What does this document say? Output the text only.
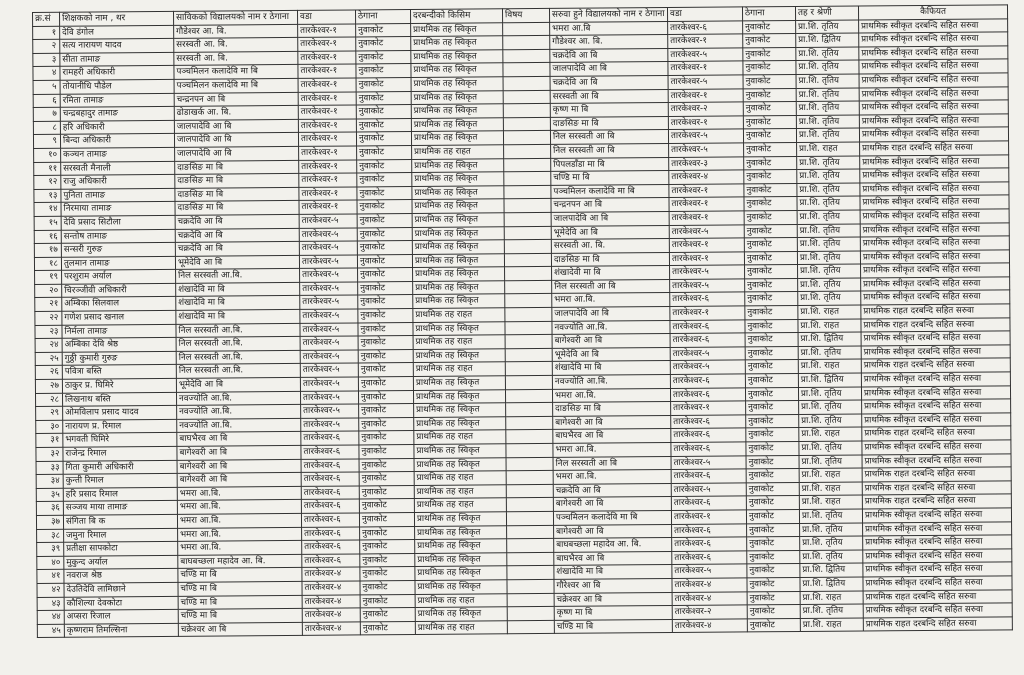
क्र.सं	शिक्षकको नाम , थर	साविकको विद्यालयको नाम र ठेगाना	वडा	ठेगाना	दरबन्दीको किसिम	विषय	सरुवा हुने विद्यालयको नाम र ठेगाना	वडा	ठेगाना	तह र श्रेणी	कैफियत
१	देवि डंगोल	गौडेश्वर आ. बि.	तारकेश्वर-१	नुवाकोट	प्राथमिक तह स्विकृत		भमरा आ.बि	तारकेश्वर-६	नुवाकोट	प्रा.शि. तृतिय	प्राथमिक स्वीकृत दरबन्दि सहित सरुवा
२	सत्य नारायण यादव	सरस्वती आ. बि.	तारकेश्वर-१	नुवाकोट	प्राथमिक तह स्विकृत		गौडेश्वर आ. बि.	तारकेश्वर-१	नुवाकोट	प्रा.शि. द्वितिय	प्राथमिक स्वीकृत दरबन्दि सहित सरुवा
३	सीता तामाङ	सरस्वती आ. बि.	तारकेश्वर-१	नुवाकोट	प्राथमिक तह स्विकृत		चक्रदेवि आ बि	तारकेश्वर-५	नुवाकोट	प्रा.शि. तृतिय	प्राथमिक स्वीकृत दरबन्दि सहित सरुवा
४	रामहरी अधिकारी	पञ्चमिलन कलादेवि मा बि	तारकेश्वर-१	नुवाकोट	प्राथमिक तह स्विकृत		जालपादेवि आ बि	तारकेश्वर-१	नुवाकोट	प्रा.शि. तृतिय	प्राथमिक स्वीकृत दरबन्दि सहित सरुवा
५	तोयानीधि पौडेल	पञ्चमिलन कलादेवि मा बि	तारकेश्वर-१	नुवाकोट	प्राथमिक तह स्विकृत		चक्रदेवि आ बि	तारकेश्वर-५	नुवाकोट	प्रा.शि. तृतिय	प्राथमिक स्वीकृत दरबन्दि सहित सरुवा
६	रमिता तामाङ	चन्द्रनपन आ बि	तारकेश्वर-१	नुवाकोट	प्राथमिक तह स्विकृत		सरस्वती आ बि	तारकेश्वर-१	नुवाकोट	प्रा.शि. तृतिय	प्राथमिक स्वीकृत दरबन्दि सहित सरुवा
७	चन्द्रबहादुर तामाङ	ढोडाखर्क आ. बि.	तारकेश्वर-१	नुवाकोट	प्राथमिक तह स्विकृत		कृष्ण मा बि	तारकेश्वर-२	नुवाकोट	प्रा.शि. तृतिय	प्राथमिक स्वीकृत दरबन्दि सहित सरुवा
८	हरि अधिकारी	जालपादेवि आ बि	तारकेश्वर-१	नुवाकोट	प्राथमिक तह स्विकृत		दाङसिङ मा बि	तारकेश्वर-१	नुवाकोट	प्रा.शि. तृतिय	प्राथमिक स्वीकृत दरबन्दि सहित सरुवा
९	बिन्दा अधिकारी	जालपादेवि आ बि	तारकेश्वर-१	नुवाकोट	प्राथमिक तह स्विकृत		निल सरस्वती आ बि	तारकेश्वर-५	नुवाकोट	प्रा.शि. तृतिय	प्राथमिक स्वीकृत दरबन्दि सहित सरुवा
१०	कञ्चन तामाङ	जालपादेवि आ बि	तारकेश्वर-१	नुवाकोट	प्राथमिक तह राहत		निल सरस्वती आ बि	तारकेश्वर-५	नुवाकोट	प्रा.शि. राहत	प्राथमिक राहत दरबन्दि सहित सरुवा
११	सरस्वती मैनाली	दाङसिङ मा बि	तारकेश्वर-१	नुवाकोट	प्राथमिक तह स्विकृत		पिपलडाँडा मा बि	तारकेश्वर-३	नुवाकोट	प्रा.शि. तृतिय	प्राथमिक स्वीकृत दरबन्दि सहित सरुवा
१२	राजु अधिकारी	दाङसिङ मा बि	तारकेश्वर-१	नुवाकोट	प्राथमिक तह स्विकृत		चण्डि मा बि	तारकेश्वर-४	नुवाकोट	प्रा.शि. तृतिय	प्राथमिक स्वीकृत दरबन्दि सहित सरुवा
१३	पुनिता तामाङ	दाङसिङ मा बि	तारकेश्वर-१	नुवाकोट	प्राथमिक तह स्विकृत		पञ्चमिलन कलादेवि मा बि	तारकेश्वर-१	नुवाकोट	प्रा.शि. तृतिय	प्राथमिक स्वीकृत दरबन्दि सहित सरुवा
१४	निरमाया तामाङ	दाङसिङ मा बि	तारकेश्वर-१	नुवाकोट	प्राथमिक तह स्विकृत		चन्द्रनपन आ बि	तारकेश्वर-१	नुवाकोट	प्रा.शि. तृतिय	प्राथमिक स्वीकृत दरबन्दि सहित सरुवा
१५	देवि प्रसाद सिटौला	चक्रदेवि आ बि	तारकेश्वर-५	नुवाकोट	प्राथमिक तह स्विकृत		जालपादेवि आ बि	तारकेश्वर-१	नुवाकोट	प्रा.शि. तृतिय	प्राथमिक स्वीकृत दरबन्दि सहित सरुवा
१६	सन्तोष तामाङ	चक्रदेवि आ बि	तारकेश्वर-५	नुवाकोट	प्राथमिक तह स्विकृत		भूमेदेवि आ बि	तारकेश्वर-५	नुवाकोट	प्रा.शि. तृतिय	प्राथमिक स्वीकृत दरबन्दि सहित सरुवा
१७	सन्सरी गुरुङ	चक्रदेवि आ बि	तारकेश्वर-५	नुवाकोट	प्राथमिक तह स्विकृत		सरस्वती आ. बि.	तारकेश्वर-१	नुवाकोट	प्रा.शि. तृतिय	प्राथमिक स्वीकृत दरबन्दि सहित सरुवा
१८	तुलमान तामाङ	भूमेदेवि आ बि	तारकेश्वर-५	नुवाकोट	प्राथमिक तह स्विकृत		दाङसिङ मा बि	तारकेश्वर-१	नुवाकोट	प्रा.शि. तृतिय	प्राथमिक स्वीकृत दरबन्दि सहित सरुवा
१९	परशुराम अर्याल	निल सरस्वती आ.बि.	तारकेश्वर-५	नुवाकोट	प्राथमिक तह स्विकृत		शंखादेवी मा बि	तारकेश्वर-५	नुवाकोट	प्रा.शि. तृतिय	प्राथमिक स्वीकृत दरबन्दि सहित सरुवा
२०	चिरञ्जीवी अधिकारी	शंखादेवि मा बि	तारकेश्वर-५	नुवाकोट	प्राथमिक तह स्विकृत		निल सरस्वती आ बि	तारकेश्वर-५	नुवाकोट	प्रा.शि. तृतिय	प्राथमिक स्वीकृत दरबन्दि सहित सरुवा
२१	अम्बिका सिलवाल	शंखादेवि मा बि	तारकेश्वर-५	नुवाकोट	प्राथमिक तह स्विकृत		भमरा आ.बि.	तारकेश्वर-६	नुवाकोट	प्रा.शि. तृतिय	प्राथमिक स्वीकृत दरबन्दि सहित सरुवा
२२	गणेश प्रसाद खनाल	शंखादेवि मा बि	तारकेश्वर-५	नुवाकोट	प्राथमिक तह राहत		जालपादेवि आ बि	तारकेश्वर-१	नुवाकोट	प्रा.शि. राहत	प्राथमिक राहत दरबन्दि सहित सरुवा
२३	निर्मला तामाङ	निल सरस्वती आ.बि.	तारकेश्वर-५	नुवाकोट	प्राथमिक तह स्विकृत		नवज्योति आ.बि.	तारकेश्वर-६	नुवाकोट	प्रा.शि. राहत	प्राथमिक राहत दरबन्दि सहित सरुवा
२४	अम्बिका देवि श्रेष्ठ	निल सरस्वती आ.बि.	तारकेश्वर-५	नुवाकोट	प्राथमिक तह राहत		बागेश्वरी आ बि	तारकेश्वर-६	नुवाकोट	प्रा.शि. द्वितिय	प्राथमिक स्वीकृत दरबन्दि सहित सरुवा
२५	गुठ्ठी कुमारी गुरुङ	निल सरस्वती आ.बि.	तारकेश्वर-५	नुवाकोट	प्राथमिक तह स्विकृत		भूमेदेवि आ बि	तारकेश्वर-५	नुवाकोट	प्रा.शि. तृतिय	प्राथमिक स्वीकृत दरबन्दि सहित सरुवा
२६	पवित्रा बस्ति	निल सरस्वती आ.बि.	तारकेश्वर-५	नुवाकोट	प्राथमिक तह राहत		शंखादेवि मा बि	तारकेश्वर-५	नुवाकोट	प्रा.शि. राहत	प्राथमिक राहत दरबन्दि सहित सरुवा
२७	ठाकुर प्र. घिमिरे	भूमेदेवि आ बि	तारकेश्वर-५	नुवाकोट	प्राथमिक तह स्विकृत		नवज्योति आ.बि.	तारकेश्वर-६	नुवाकोट	प्रा.शि. द्वितिय	प्राथमिक स्वीकृत दरबन्दि सहित सरुवा
२८	लिखनाथ बस्ति	नवज्योति आ.बि.	तारकेश्वर-५	नुवाकोट	प्राथमिक तह स्विकृत		भमरा आ.बि.	तारकेश्वर-६	नुवाकोट	प्रा.शि. तृतिय	प्राथमिक स्वीकृत दरबन्दि सहित सरुवा
२९	ओमविलाप प्रसाद यादव	नवज्योति आ.बि.	तारकेश्वर-५	नुवाकोट	प्राथमिक तह स्विकृत		दाङसिङ मा बि	तारकेश्वर-१	नुवाकोट	प्रा.शि. तृतिय	प्राथमिक स्वीकृत दरबन्दि सहित सरुवा
३०	नारायण प्र. रिमाल	नवज्योति आ.बि.	तारकेश्वर-५	नुवाकोट	प्राथमिक तह स्विकृत		बागेश्वरी आ बि	तारकेश्वर-६	नुवाकोट	प्रा.शि. तृतिय	प्राथमिक स्वीकृत दरबन्दि सहित सरुवा
३१	भगवती घिमिरे	बाघभैरव आ बि	तारकेश्वर-६	नुवाकोट	प्राथमिक तह राहत		बाघभैरव आ बि	तारकेश्वर-६	नुवाकोट	प्रा.शि. राहत	प्राथमिक राहत दरबन्दि सहित सरुवा
३२	राजेन्द्र रिमाल	बागेश्वरी आ बि	तारकेश्वर-६	नुवाकोट	प्राथमिक तह स्विकृत		भमरा आ.बि.	तारकेश्वर-६	नुवाकोट	प्रा.शि. तृतिय	प्राथमिक स्वीकृत दरबन्दि सहित सरुवा
३३	गिता कुमारी अधिकारी	बागेश्वरी आ बि	तारकेश्वर-६	नुवाकोट	प्राथमिक तह स्विकृत		निल सरस्वती आ बि	तारकेश्वर-५	नुवाकोट	प्रा.शि. तृतिय	प्राथमिक स्वीकृत दरबन्दि सहित सरुवा
३४	कुन्ती रिमाल	बागेश्वरी आ बि	तारकेश्वर-६	नुवाकोट	प्राथमिक तह राहत		भमरा आ.बि.	तारकेश्वर-६	नुवाकोट	प्रा.शि. राहत	प्राथमिक राहत दरबन्दि सहित सरुवा
३५	हरि प्रसाद रिमाल	भमरा आ.बि.	तारकेश्वर-६	नुवाकोट	प्राथमिक तह राहत		चक्रदेवि आ बि	तारकेश्वर-५	नुवाकोट	प्रा.शि. राहत	प्राथमिक राहत दरबन्दि सहित सरुवा
३६	सञ्जय माया तामाङ	भमरा आ.बि.	तारकेश्वर-६	नुवाकोट	प्राथमिक तह राहत		बागेश्वरी आ बि	तारकेश्वर-६	नुवाकोट	प्रा.शि. राहत	प्राथमिक राहत दरबन्दि सहित सरुवा
३७	संगिता बि क	भमरा आ.बि.	तारकेश्वर-६	नुवाकोट	प्राथमिक तह स्विकृत		पञ्चमिलन कलादेवि मा बि	तारकेश्वर-१	नुवाकोट	प्रा.शि. तृतिय	प्राथमिक स्वीकृत दरबन्दि सहित सरुवा
३८	जमुना रिमाल	भमरा आ.बि.	तारकेश्वर-६	नुवाकोट	प्राथमिक तह स्विकृत		बागेश्वरी आ बि	तारकेश्वर-६	नुवाकोट	प्रा.शि. तृतिय	प्राथमिक स्वीकृत दरबन्दि सहित सरुवा
३९	प्रतीक्षा सापकोटा	भमरा आ.बि.	तारकेश्वर-६	नुवाकोट	प्राथमिक तह स्विकृत		बाघबच्छला महादेव आ. बि.	तारकेश्वर-६	नुवाकोट	प्रा.शि. तृतिय	प्राथमिक स्वीकृत दरबन्दि सहित सरुवा
४०	मुकुन्द अर्याल	बाघबच्छला महादेव आ. बि.	तारकेश्वर-६	नुवाकोट	प्राथमिक तह स्विकृत		बाघभैरव आ बि	तारकेश्वर-६	नुवाकोट	प्रा.शि. तृतिय	प्राथमिक स्वीकृत दरबन्दि सहित सरुवा
४१	नवराज श्रेष्ठ	चण्डि मा बि	तारकेश्वर-४	नुवाकोट	प्राथमिक तह स्विकृत		शंखादेवि मा बि	तारकेश्वर-५	नुवाकोट	प्रा.शि. द्वितिय	प्राथमिक स्वीकृत दरबन्दि सहित सरुवा
४२	देउतिदेवि लामिछाने	चण्डि मा बि	तारकेश्वर-४	नुवाकोट	प्राथमिक तह स्विकृत		गौरेश्वर आ बि	तारकेश्वर-४	नुवाकोट	प्रा.शि. द्वितिय	प्राथमिक स्वीकृत दरबन्दि सहित सरुवा
४३	कौशिल्या देवकोटा	चण्डि मा बि	तारकेश्वर-४	नुवाकोट	प्राथमिक तह राहत		चक्रेश्वर आ बि	तारकेश्वर-४	नुवाकोट	प्रा.शि. राहत	प्राथमिक राहत दरबन्दि सहित सरुवा
४४	अप्सरा रिजाल	चण्डि मा बि	तारकेश्वर-४	नुवाकोट	प्राथमिक तह स्विकृत		कृष्ण मा बि	तारकेश्वर-२	नुवाकोट	प्रा.शि. तृतिय	प्राथमिक स्वीकृत दरबन्दि सहित सरुवा
४५	कृष्णराम तिमल्सिना	चक्रेश्वर आ बि	तारकेश्वर-४	नुवाकोट	प्राथमिक तह राहत		चण्डि मा बि	तारकेश्वर-४	नुवाकोट	प्रा.शि. राहत	प्राथमिक राहत दरबन्दि सहित सरुवा
